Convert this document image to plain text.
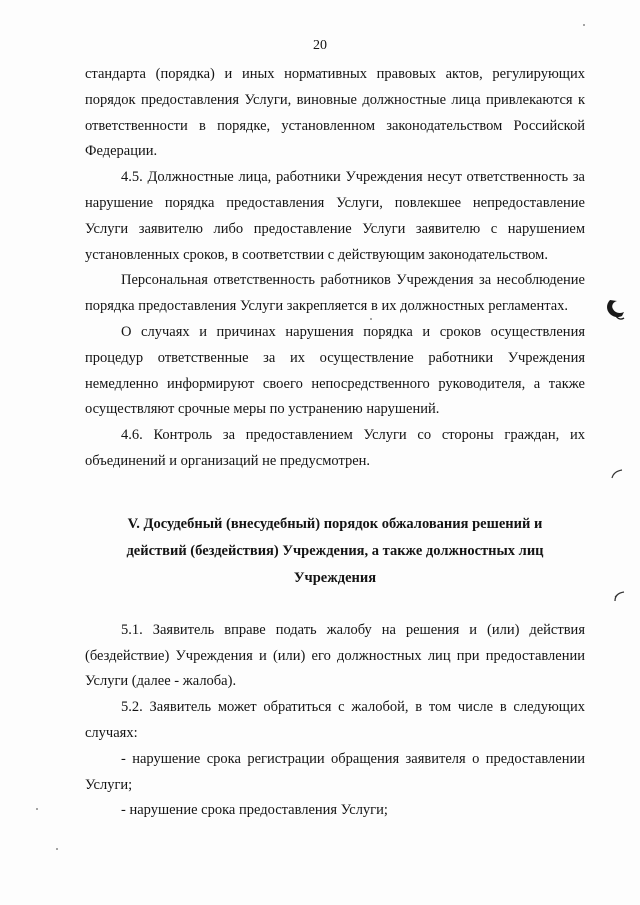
20

стандарта (порядка) и иных нормативных правовых актов, регулирующих порядок предоставления Услуги, виновные должностные лица привлекаются к ответственности в порядке, установленном законодательством Российской Федерации.

4.5. Должностные лица, работники Учреждения несут ответственность за нарушение порядка предоставления Услуги, повлекшее непредоставление Услуги заявителю либо предоставление Услуги заявителю с нарушением установленных сроков, в соответствии с действующим законодательством.

Персональная ответственность работников Учреждения за несоблюдение порядка предоставления Услуги закрепляется в их должностных регламентах.

О случаях и причинах нарушения порядка и сроков осуществления процедур ответственные за их осуществление работники Учреждения немедленно информируют своего непосредственного руководителя, а также осуществляют срочные меры по устранению нарушений.

4.6. Контроль за предоставлением Услуги со стороны граждан, их объединений и организаций не предусмотрен.

V. Досудебный (внесудебный) порядок обжалования решений и
действий (бездействия) Учреждения, а также должностных лиц
Учреждения

5.1. Заявитель вправе подать жалобу на решения и (или) действия (бездействие) Учреждения и (или) его должностных лиц при предоставлении Услуги (далее - жалоба).

5.2. Заявитель может обратиться с жалобой, в том числе в следующих случаях:

- нарушение срока регистрации обращения заявителя о предоставлении Услуги;

- нарушение срока предоставления Услуги;
